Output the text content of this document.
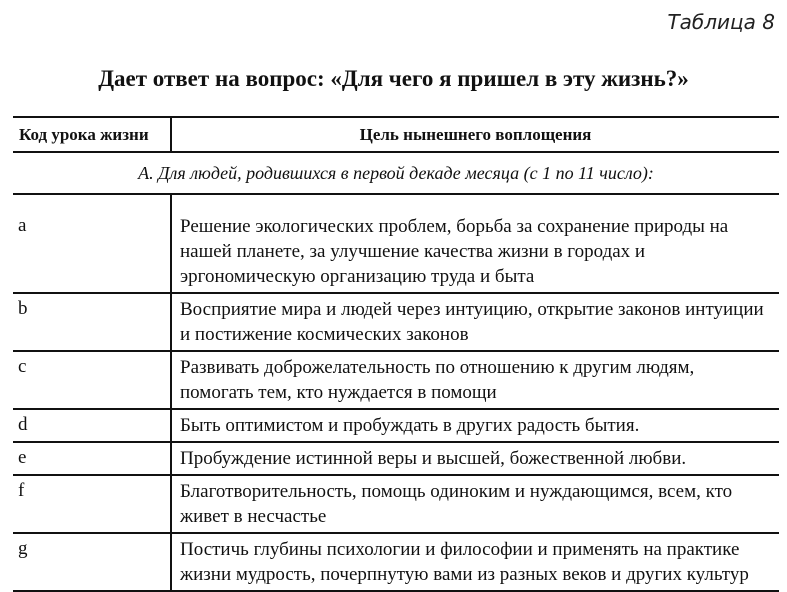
Таблица 8
Дает ответ на вопрос: «Для чего я пришел в эту жизнь?»
Код урока жизни	Цель нынешнего воплощения
А. Для людей, родившихся в первой декаде месяца (с 1 по 11 число):	

a	Решение экологических проблем, борьба за сохранение природы на нашей планете, за улучшение качества жизни в городах и эргономическую организацию труда и быта
b	Восприятие мира и людей через интуицию, открытие законов интуиции и постижение космических законов
c	Развивать доброжелательность по отношению к другим людям, помогать тем, кто нуждается в помощи
d	Быть оптимистом и пробуждать в других радость бытия.
e	Пробуждение истинной веры и высшей, божественной любви.
f	Благотворительность, помощь одиноким и нуждающимся, всем, кто живет в несчастье
g	Постичь глубины психологии и философии и применять на практике жизни мудрость, почерпнутую вами из разных веков и других культур
